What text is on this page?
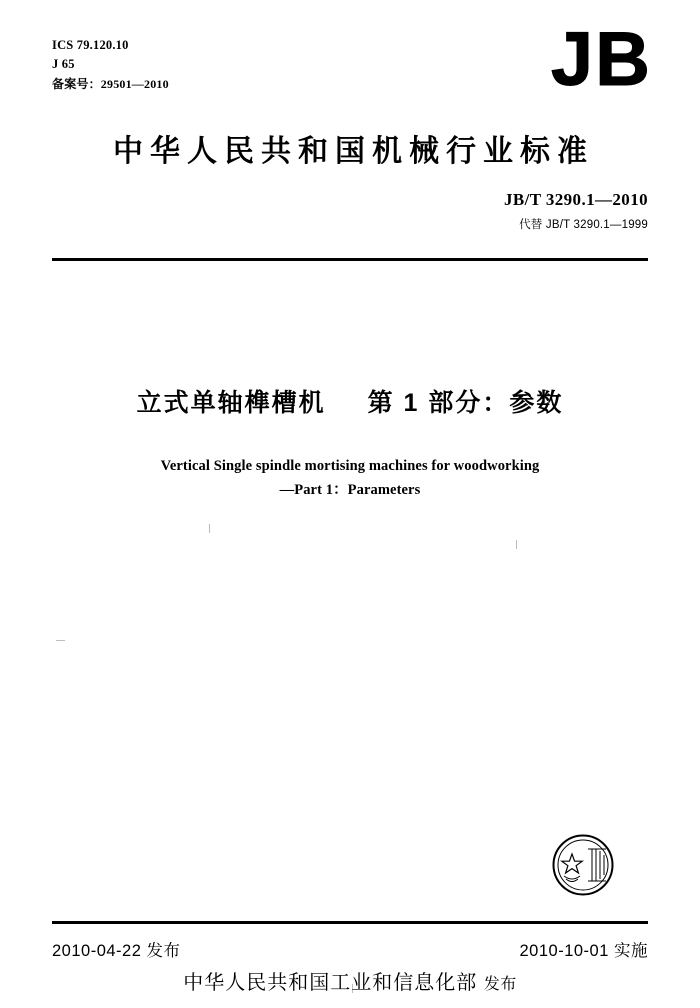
ICS 79.120.10
J 65
备案号：29501—2010	JB
中华人民共和国机械行业标准
JB/T 3290.1—2010
代替 JB/T 3290.1—1999
立式单轴榫槽机 第 1 部分：参数
Vertical Single spindle mortising machines for woodworking
—Part 1：Parameters
2010-04-22 发布	2010-10-01 实施
中华人民共和国工业和信息化部 发布
